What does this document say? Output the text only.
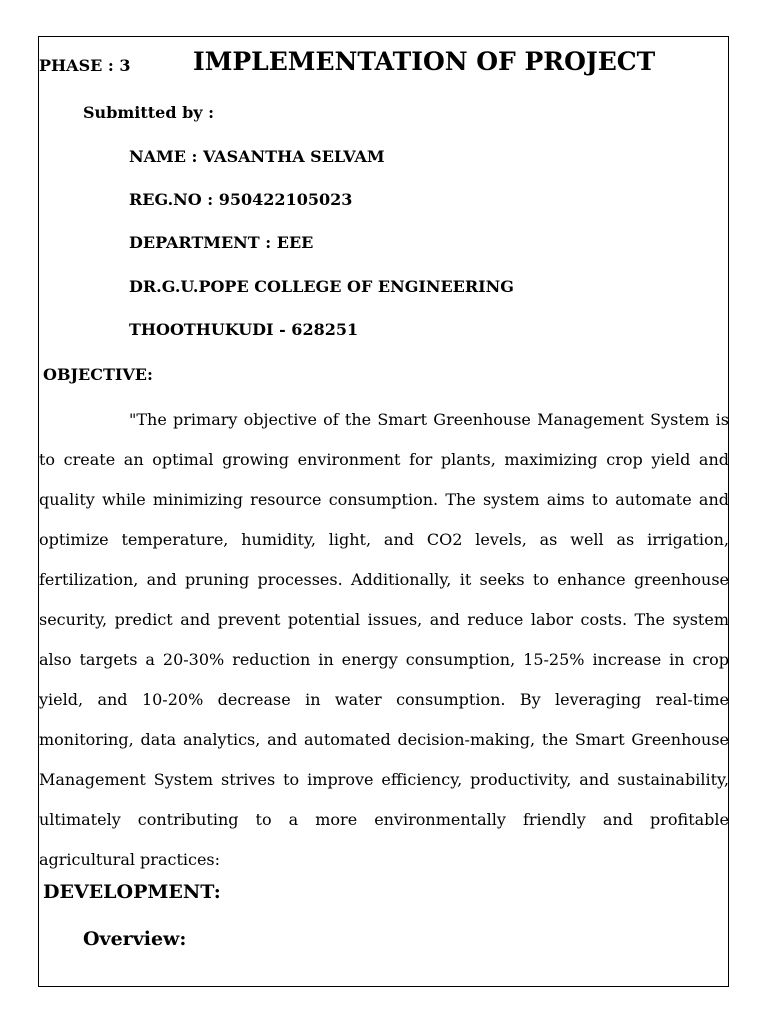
PHASE : 3	IMPLEMENTATION OF PROJECT
Submitted by :
NAME : VASANTHA SELVAM
REG.NO : 950422105023
DEPARTMENT : EEE
DR.G.U.POPE COLLEGE OF ENGINEERING
THOOTHUKUDI - 628251
OBJECTIVE:
"The primary objective of the Smart Greenhouse Management System is to create an optimal growing environment for plants, maximizing crop yield and quality while minimizing resource consumption. The system aims to automate and optimize temperature, humidity, light, and CO2 levels, as well as irrigation, fertilization, and pruning processes. Additionally, it seeks to enhance greenhouse security, predict and prevent potential issues, and reduce labor costs. The system also targets a 20-30% reduction in energy consumption, 15-25% increase in crop yield, and 10-20% decrease in water consumption. By leveraging real-time monitoring, data analytics, and automated decision-making, the Smart Greenhouse Management System strives to improve efficiency, productivity, and sustainability, ultimately contributing to a more environmentally friendly and profitable agricultural practices:
DEVELOPMENT:
Overview:
